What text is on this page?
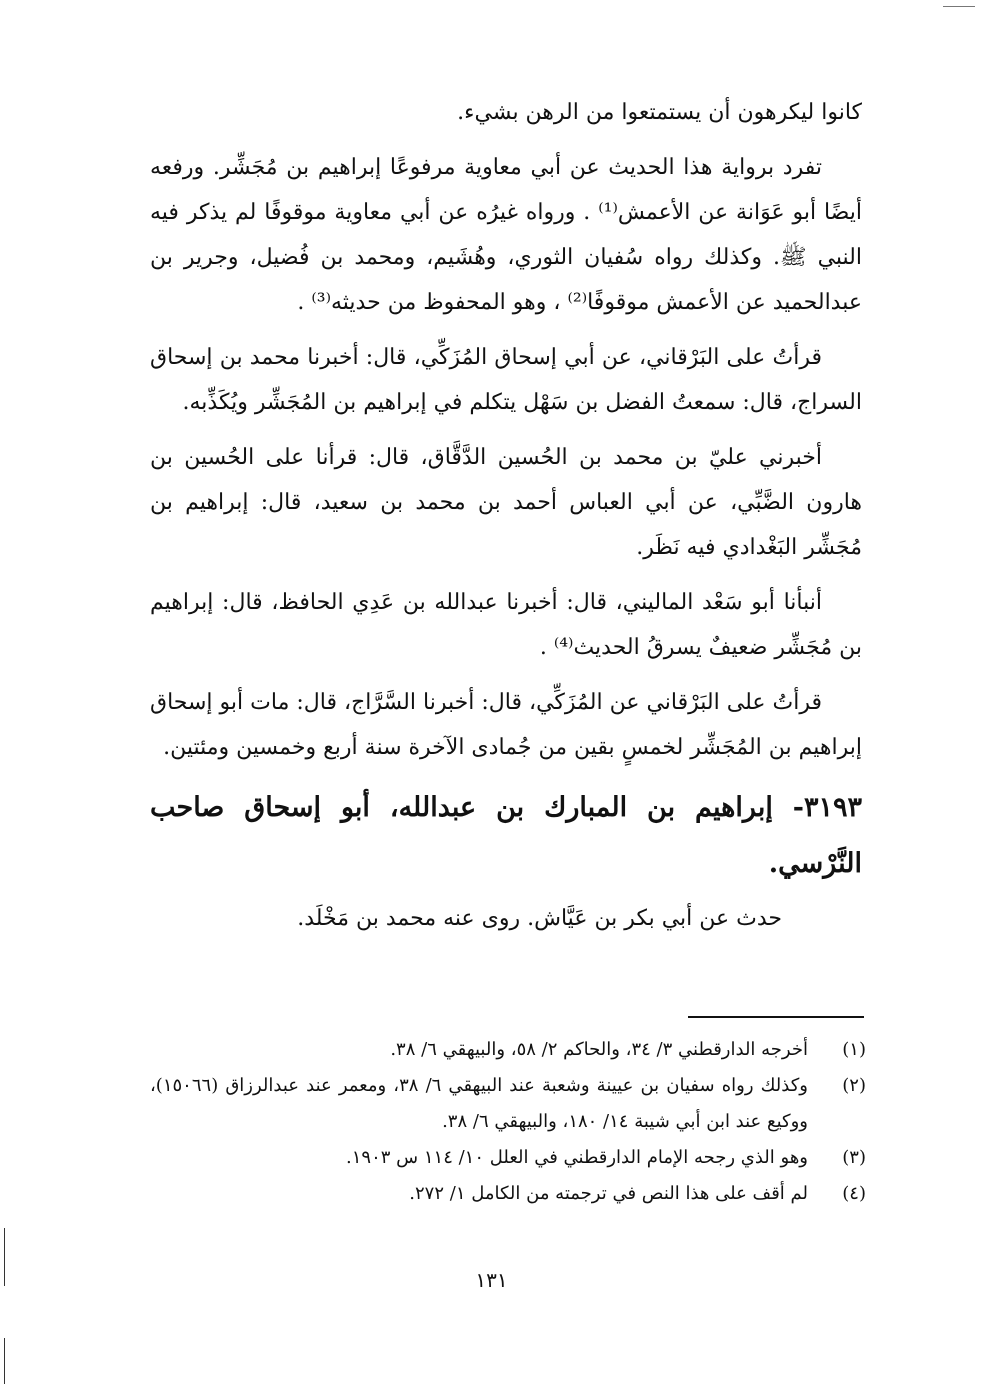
كانوا ليكرهون أن يستمتعوا من الرهن بشيء.

تفرد برواية هذا الحديث عن أبي معاوية مرفوعًا إبراهيم بن مُجَشِّر. ورفعه أيضًا أبو عَوَانة عن الأعمش⁽¹⁾ . ورواه غيرُه عن أبي معاوية موقوفًا لم يذكر فيه النبي ﷺ. وكذلك رواه سُفيان الثوري، وهُشَيم، ومحمد بن فُضيل، وجرير بن عبدالحميد عن الأعمش موقوفًا⁽²⁾ ، وهو المحفوظ من حديثه⁽³⁾ .

قرأتُ على البَرْقاني، عن أبي إسحاق المُزَكِّي، قال: أخبرنا محمد بن إسحاق السراج، قال: سمعتُ الفضل بن سَهْل يتكلم في إبراهيم بن المُجَشِّر ويُكَذِّبه.

أخبرني عليّ بن محمد بن الحُسين الدَّقَّاق، قال: قرأنا على الحُسين بن هارون الضَّبِّي، عن أبي العباس أحمد بن محمد بن سعيد، قال: إبراهيم بن مُجَشِّر البَغْدادي فيه نَظَر.

أنبأنا أبو سَعْد الماليني، قال: أخبرنا عبدالله بن عَدِي الحافظ، قال: إبراهيم بن مُجَشِّر ضعيفٌ يسرقُ الحديث⁽⁴⁾ .

قرأتُ على البَرْقاني عن المُزَكِّي، قال: أخبرنا السَّرَّاج، قال: مات أبو إسحاق إبراهيم بن المُجَشِّر لخمسٍ بقين من جُمادى الآخرة سنة أربع وخمسين ومئتين.

٣١٩٣- إبراهيم بن المبارك بن عبدالله، أبو إسحاق صاحب النَّرْسي.

حدث عن أبي بكر بن عَيَّاش. روى عنه محمد بن مَخْلَد.

(١)
أخرجه الدارقطني ٣/ ٣٤، والحاكم ٢/ ٥٨، والبيهقي ٦/ ٣٨.
(٢)
وكذلك رواه سفيان بن عيينة وشعبة عند البيهقي ٦/ ٣٨، ومعمر عند عبدالرزاق (١٥٠٦٦)، ووكيع عند ابن أبي شيبة ١٤/ ١٨٠، والبيهقي ٦/ ٣٨.
(٣)
وهو الذي رجحه الإمام الدارقطني في العلل ١٠/ ١١٤ س ١٩٠٣.
(٤)
لم أقف على هذا النص في ترجمته من الكامل ١/ ٢٧٢.
١٣١
